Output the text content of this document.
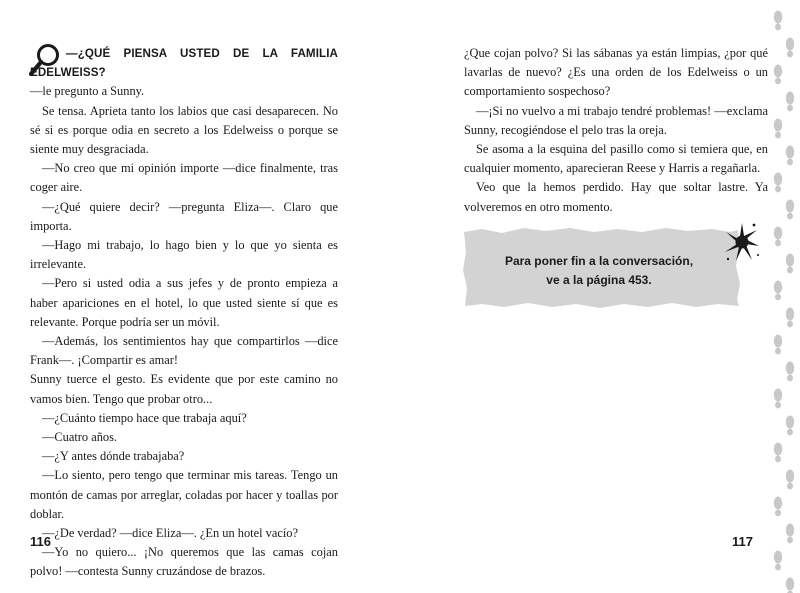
—¿QUÉ PIENSA USTED DE LA FAMILIA EDELWEISS?

—le pregunto a Sunny.

Se tensa. Aprieta tanto los labios que casi desaparecen. No sé si es porque odia en secreto a los Edelweiss o porque se siente muy desgraciada.

—No creo que mi opinión importe —dice finalmente, tras coger aire.

—¿Qué quiere decir? —pregunta Eliza—. Claro que importa.

—Hago mi trabajo, lo hago bien y lo que yo sienta es irrelevante.

—Pero si usted odia a sus jefes y de pronto empieza a haber apariciones en el hotel, lo que usted siente sí que es relevante. Porque podría ser un móvil.

—Además, los sentimientos hay que compartirlos —dice Frank—. ¡Compartir es amar!

Sunny tuerce el gesto. Es evidente que por este camino no vamos bien. Tengo que probar otro...

—¿Cuánto tiempo hace que trabaja aquí?

—Cuatro años.

—¿Y antes dónde trabajaba?

—Lo siento, pero tengo que terminar mis tareas. Tengo un montón de camas por arreglar, coladas por hacer y toallas por doblar.

—¿De verdad? —dice Eliza—. ¿En un hotel vacío?

—Yo no quiero... ¡No queremos que las camas cojan polvo! —contesta Sunny cruzándose de brazos.

116

¿Que cojan polvo? Si las sábanas ya están limpias, ¿por qué lavarlas de nuevo? ¿Es una orden de los Edelweiss o un comportamiento sospechoso?

—¡Si no vuelvo a mi trabajo tendré problemas! —exclama Sunny, recogiéndose el pelo tras la oreja.

Se asoma a la esquina del pasillo como si temiera que, en cualquier momento, aparecieran Reese y Harris a regañarla.

Veo que la hemos perdido. Hay que soltar lastre. Ya volveremos en otro momento.

Para poner fin a la conversación,
ve a la página 453.
117
